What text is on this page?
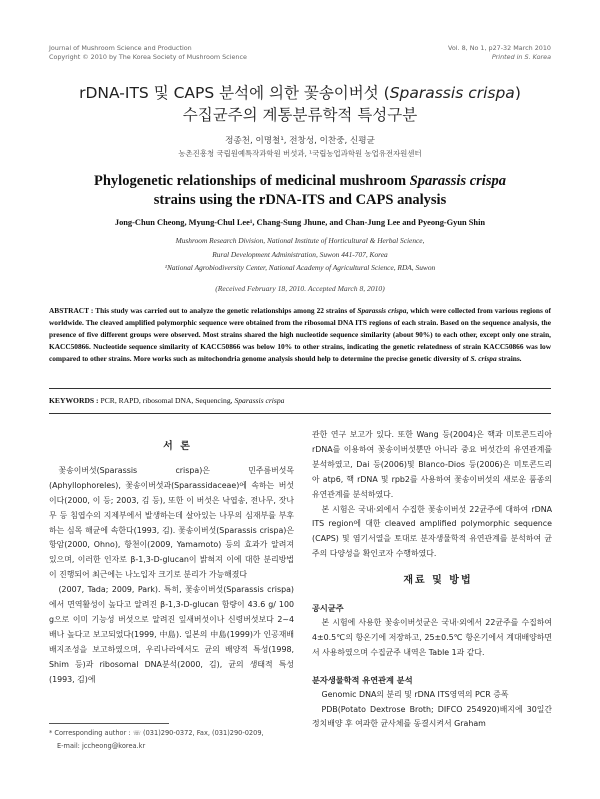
Journal of Mushroom Science and Production
Copyright © 2010 by The Korea Society of Mushroom Science
Vol. 8, No 1, p27-32 March 2010
Printed in S. Korea
rDNA-ITS 및 CAPS 분석에 의한 꽃송이버섯 (Sparassis crispa)
수집균주의 계통분류학적 특성구분
정종천, 이명철¹, 전창성, 이찬중, 신평균
농촌진흥청 국립원예특작과학원 버섯과, ¹국립농업과학원 농업유전자원센터
Phylogenetic relationships of medicinal mushroom Sparassis crispa
strains using the rDNA-ITS and CAPS analysis
Jong-Chun Cheong, Myung-Chul Lee¹, Chang-Sung Jhune, and Chan-Jung Lee and Pyeong-Gyun Shin
Mushroom Research Division, National Institute of Horticultural & Herbal Science,
Rural Development Administration, Suwon 441-707, Korea
¹National Agrobiodiversity Center, National Academy of Agricultural Science, RDA, Suwon
(Received February 18, 2010. Accepted March 8, 2010)
ABSTRACT : This study was carried out to analyze the genetic relationships among 22 strains of Sparassis crispa, which were collected from various regions of worldwide. The cleaved amplified polymorphic sequence were obtained from the ribosomal DNA ITS regions of each strain. Based on the sequence analysis, the presence of five different groups were observed. Most strains shared the high nucleotide sequence similarity (about 90%) to each other, except only one strain, KACC50866. Nucleotide sequence similarity of KACC50866 was below 10% to other strains, indicating the genetic relatedness of strain KACC50866 was low compared to other strains. More works such as mitochondria genome analysis should help to determine the precise genetic diversity of S. crispa strains.
KEYWORDS : PCR, RAPD, ribosomal DNA, Sequencing, Sparassis crispa

서 론

꽃송이버섯(Sparassis crispa)은 민주름버섯목(Aphyllophoreles), 꽃송이버섯과(Sparassidaceae)에 속하는 버섯이다(2000, 이 등; 2003, 김 등), 또한 이 버섯은 낙엽송, 전나무, 잣나무 등 침엽수의 지제부에서 발생하는데 살아있는 나무의 심재부를 부후하는 심목 해균에 속한다(1993, 김). 꽃송이버섯(Sparassis crispa)은 항암(2000, Ohno), 항천이(2009, Yamamoto) 등의 효과가 알려져 있으며, 이러한 인자로 β-1,3-D-glucan이 밝혀져 이에 대한 분리방법이 진행되어 최근에는 나노입자 크기로 분리가 가능해졌다

(2007, Tada; 2009, Park). 특히, 꽃송이버섯(Sparassis crispa)에서 면역활성이 높다고 알려진 β-1,3-D-glucan 함량이 43.6 g/ 100 g으로 이미 기능성 버섯으로 알려진 잎새버섯이나 신령버섯보다 2~4배나 높다고 보고되었다(1999, 中島). 일본의 中島(1999)가 인공재배 배지조성을 보고하였으며, 우리나라에서도 균의 배양적 특성(1998, Shim 등)과 ribosomal DNA분석(2000, 김), 균의 생태적 특성(1993, 김)에

관한 연구 보고가 있다. 또한 Wang 등(2004)은 핵과 미토콘드리아 rDNA를 이용하여 꽃송이버섯뿐만 아니라 중요 버섯간의 유연관계를 분석하였고, Dai 등(2006)및 Blanco-Dios 등(2006)은 미토콘드리아 atp6, 핵 rDNA 및 rpb2를 사용하여 꽃송이버섯의 새로운 품종의 유연관계를 분석하였다.

본 시험은 국내·외에서 수집한 꽃송이버섯 22균주에 대하여 rDNA ITS region에 대한 cleaved amplified polymorphic sequence (CAPS) 및 염기서열을 토대로 분자생물학적 유연관계를 분석하여 균주의 다양성을 확인코자 수행하였다.

재료 및 방법

공시균주

본 시험에 사용한 꽃송이버섯균은 국내·외에서 22균주를 수집하여 4±0.5℃의 항온기에 저장하고, 25±0.5℃ 항온기에서 계대배양하면서 사용하였으며 수집균주 내역은 Table 1과 같다.

분자생물학적 유연관계 분석

Genomic DNA의 분리 및 rDNA ITS영역의 PCR 증폭

PDB(Potato Dextrose Broth; DIFCO 254920)배지에 30일간 정치배양 후 여과한 균사체를 동결시켜서 Graham

* Corresponding author : ☏ (031)290-0372, Fax, (031)290-0209,
E-mail: jccheong@korea.kr
